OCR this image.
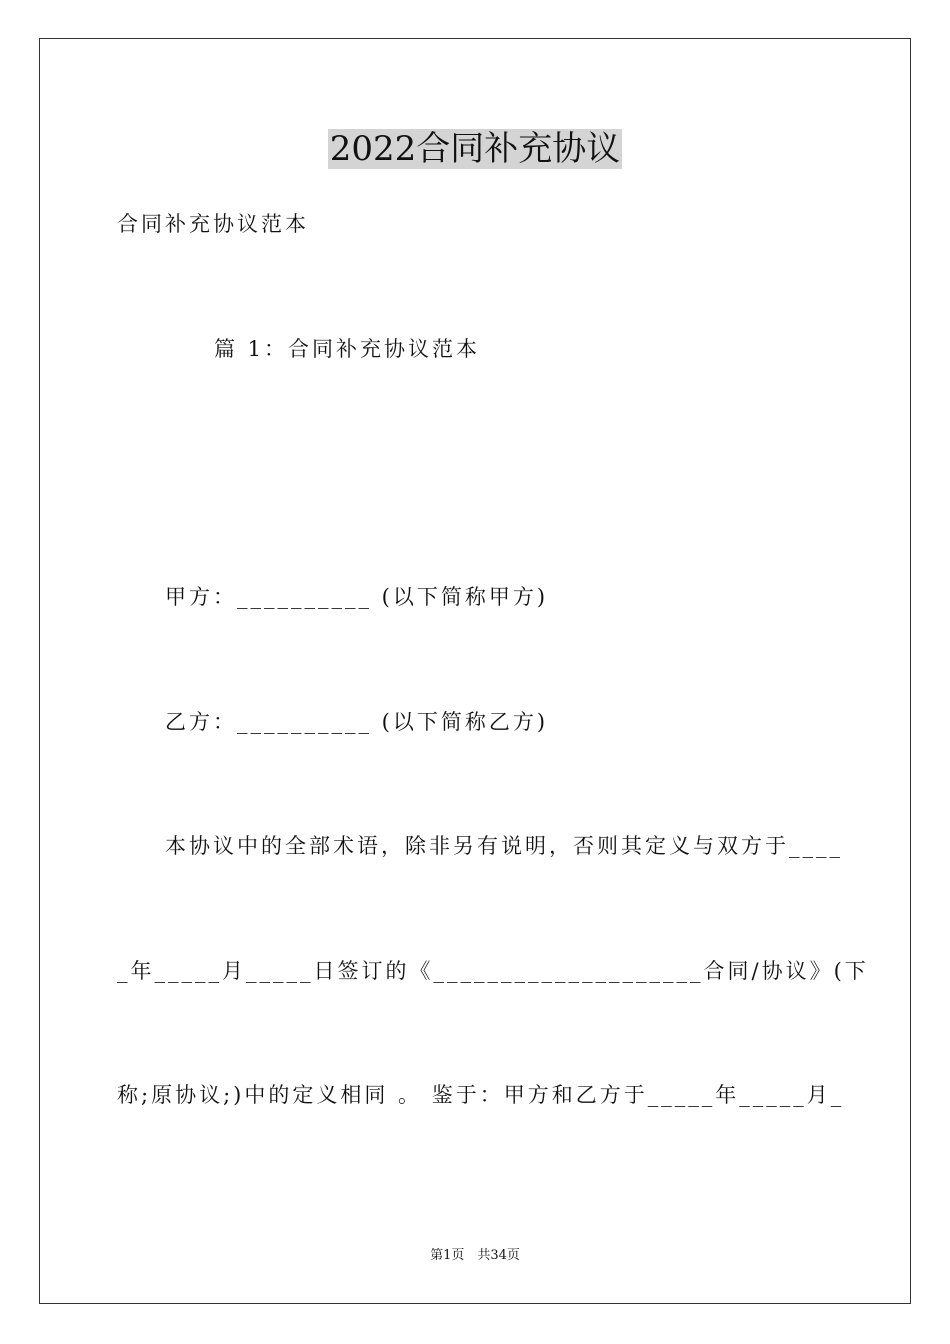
2022合同补充协议

合同补充协议范本

篇 1：合同补充协议范本

甲方：__________ (以下简称甲方)

乙方：__________ (以下简称乙方)

本协议中的全部术语，除非另有说明，否则其定义与双方于____

_年_____月_____日签订的《____________________合同/协议》(下

称;原协议;)中的定义相同 。 鉴于：甲方和乙方于_____年_____月_

第1页　共34页
